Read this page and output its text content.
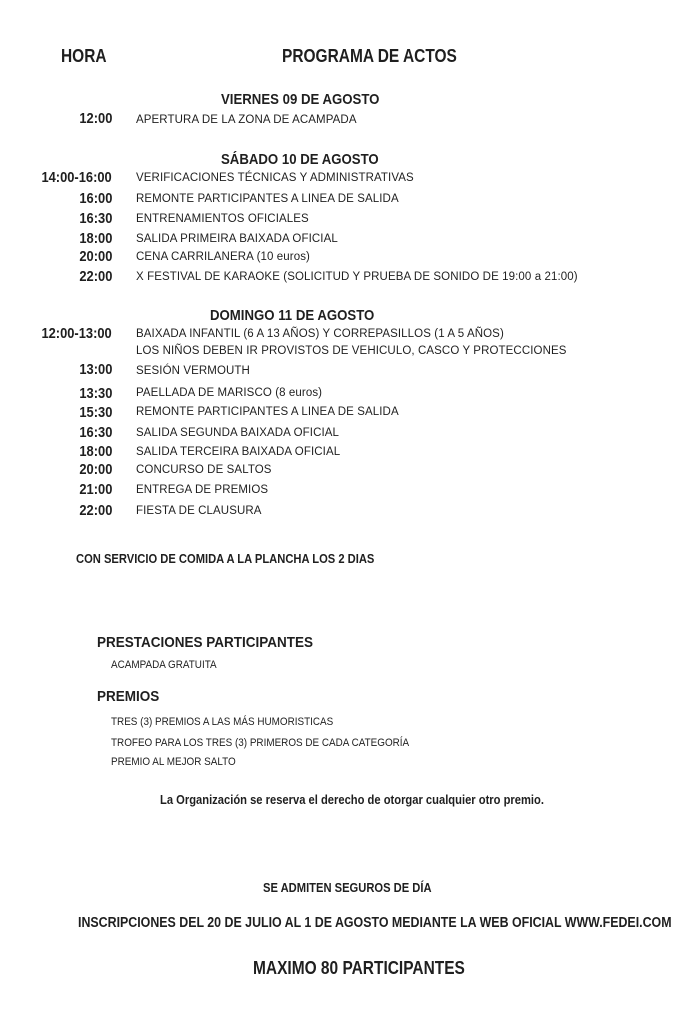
HORA	PROGRAMA DE ACTOS
VIERNES 09 DE AGOSTO
12:00 APERTURA DE LA ZONA DE ACAMPADA
SÁBADO 10 DE AGOSTO
14:00-16:00 VERIFICACIONES TÉCNICAS Y ADMINISTRATIVAS
16:00 REMONTE PARTICIPANTES A LINEA DE SALIDA
16:30 ENTRENAMIENTOS OFICIALES
18:00 SALIDA PRIMEIRA BAIXADA OFICIAL
20:00 CENA CARRILANERA (10 euros)
22:00 X FESTIVAL DE KARAOKE (SOLICITUD Y PRUEBA DE SONIDO DE 19:00 a 21:00)
DOMINGO 11 DE AGOSTO
12:00-13:00 BAIXADA INFANTIL (6 A 13 AÑOS) Y CORREPASILLOS (1 A 5 AÑOS)
LOS NIÑOS DEBEN IR PROVISTOS DE VEHICULO, CASCO Y PROTECCIONES
13:00 SESIÓN VERMOUTH
13:30 PAELLADA DE MARISCO (8 euros)
15:30 REMONTE PARTICIPANTES A LINEA DE SALIDA
16:30 SALIDA SEGUNDA BAIXADA OFICIAL
18:00 SALIDA TERCEIRA BAIXADA OFICIAL
20:00 CONCURSO DE SALTOS
21:00 ENTREGA DE PREMIOS
22:00 FIESTA DE CLAUSURA
CON SERVICIO DE COMIDA A LA PLANCHA LOS 2 DIAS
PRESTACIONES PARTICIPANTES
ACAMPADA GRATUITA
PREMIOS
TRES (3) PREMIOS A LAS MÁS HUMORISTICAS
TROFEO PARA LOS TRES (3) PRIMEROS DE CADA CATEGORÍA
PREMIO AL MEJOR SALTO
La Organización se reserva el derecho de otorgar cualquier otro premio.
SE ADMITEN SEGUROS DE DÍA
INSCRIPCIONES DEL 20 DE JULIO AL 1 DE AGOSTO MEDIANTE LA WEB OFICIAL WWW.FEDEI.COM
MAXIMO 80 PARTICIPANTES
